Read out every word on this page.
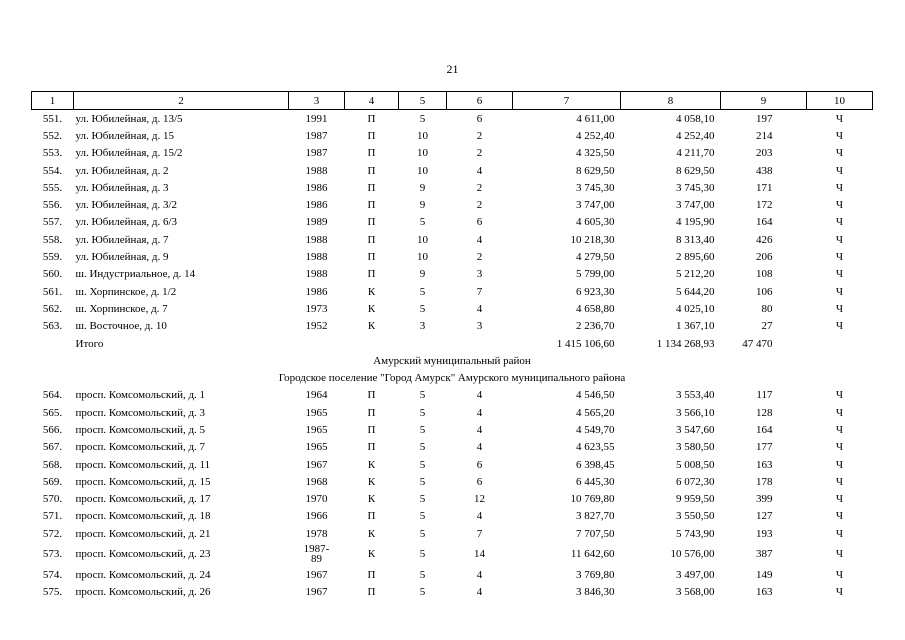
21
1	2	3	4	5	6	7	8	9	10
551.	ул. Юбилейная, д. 13/5	1991	П	5	6	4 611,00	4 058,10	197	Ч
552.	ул. Юбилейная, д. 15	1987	П	10	2	4 252,40	4 252,40	214	Ч
553.	ул. Юбилейная, д. 15/2	1987	П	10	2	4 325,50	4 211,70	203	Ч
554.	ул. Юбилейная, д. 2	1988	П	10	4	8 629,50	8 629,50	438	Ч
555.	ул. Юбилейная, д. 3	1986	П	9	2	3 745,30	3 745,30	171	Ч
556.	ул. Юбилейная, д. 3/2	1986	П	9	2	3 747,00	3 747,00	172	Ч
557.	ул. Юбилейная, д. 6/3	1989	П	5	6	4 605,30	4 195,90	164	Ч
558.	ул. Юбилейная, д. 7	1988	П	10	4	10 218,30	8 313,40	426	Ч
559.	ул. Юбилейная, д. 9	1988	П	10	2	4 279,50	2 895,60	206	Ч
560.	ш. Индустриальное, д. 14	1988	П	9	3	5 799,00	5 212,20	108	Ч
561.	ш. Хорпинское, д. 1/2	1986	К	5	7	6 923,30	5 644,20	106	Ч
562.	ш. Хорпинское, д. 7	1973	К	5	4	4 658,80	4 025,10	80	Ч
563.	ш. Восточное, д. 10	1952	К	3	3	2 236,70	1 367,10	27	Ч
	Итого					1 415 106,60	1 134 268,93	47 470	
Амурский муниципальный район									
Городское поселение "Город Амурск" Амурского муниципального района									
564.	просп. Комсомольский, д. 1	1964	П	5	4	4 546,50	3 553,40	117	Ч
565.	просп. Комсомольский, д. 3	1965	П	5	4	4 565,20	3 566,10	128	Ч
566.	просп. Комсомольский, д. 5	1965	П	5	4	4 549,70	3 547,60	164	Ч
567.	просп. Комсомольский, д. 7	1965	П	5	4	4 623,55	3 580,50	177	Ч
568.	просп. Комсомольский, д. 11	1967	К	5	6	6 398,45	5 008,50	163	Ч
569.	просп. Комсомольский, д. 15	1968	К	5	6	6 445,30	6 072,30	178	Ч
570.	просп. Комсомольский, д. 17	1970	К	5	12	10 769,80	9 959,50	399	Ч
571.	просп. Комсомольский, д. 18	1966	П	5	4	3 827,70	3 550,50	127	Ч
572.	просп. Комсомольский, д. 21	1978	К	5	7	7 707,50	5 743,90	193	Ч
573.	просп. Комсомольский, д. 23	1987-
89	К	5	14	11 642,60	10 576,00	387	Ч
574.	просп. Комсомольский, д. 24	1967	П	5	4	3 769,80	3 497,00	149	Ч
575.	просп. Комсомольский, д. 26	1967	П	5	4	3 846,30	3 568,00	163	Ч
